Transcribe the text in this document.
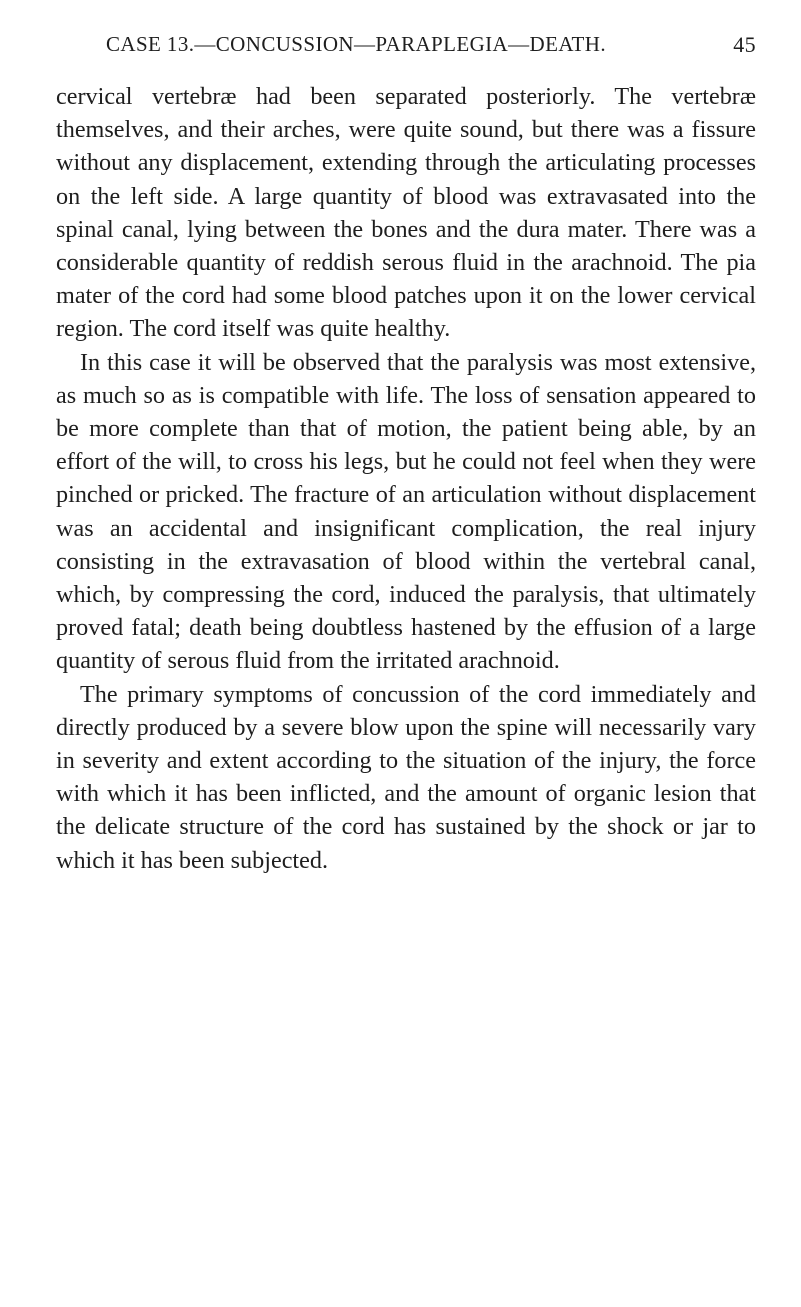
CASE 13.—CONCUSSION—PARAPLEGIA—DEATH.	45

cervical vertebræ had been separated posteriorly. The vertebræ themselves, and their arches, were quite sound, but there was a fissure without any displacement, extending through the articulating processes on the left side. A large quantity of blood was extravasated into the spinal canal, lying between the bones and the dura mater. There was a considerable quantity of reddish serous fluid in the arachnoid. The pia mater of the cord had some blood patches upon it on the lower cervical region. The cord itself was quite healthy.

In this case it will be observed that the paralysis was most extensive, as much so as is compatible with life. The loss of sensation appeared to be more complete than that of motion, the patient being able, by an effort of the will, to cross his legs, but he could not feel when they were pinched or pricked. The fracture of an articulation without displacement was an accidental and insignificant complication, the real injury consisting in the extravasation of blood within the vertebral canal, which, by compressing the cord, induced the paralysis, that ultimately proved fatal; death being doubtless hastened by the effusion of a large quantity of serous fluid from the irritated arachnoid.

The primary symptoms of concussion of the cord immediately and directly produced by a severe blow upon the spine will necessarily vary in severity and extent according to the situation of the injury, the force with which it has been inflicted, and the amount of organic lesion that the delicate structure of the cord has sustained by the shock or jar to which it has been subjected.
